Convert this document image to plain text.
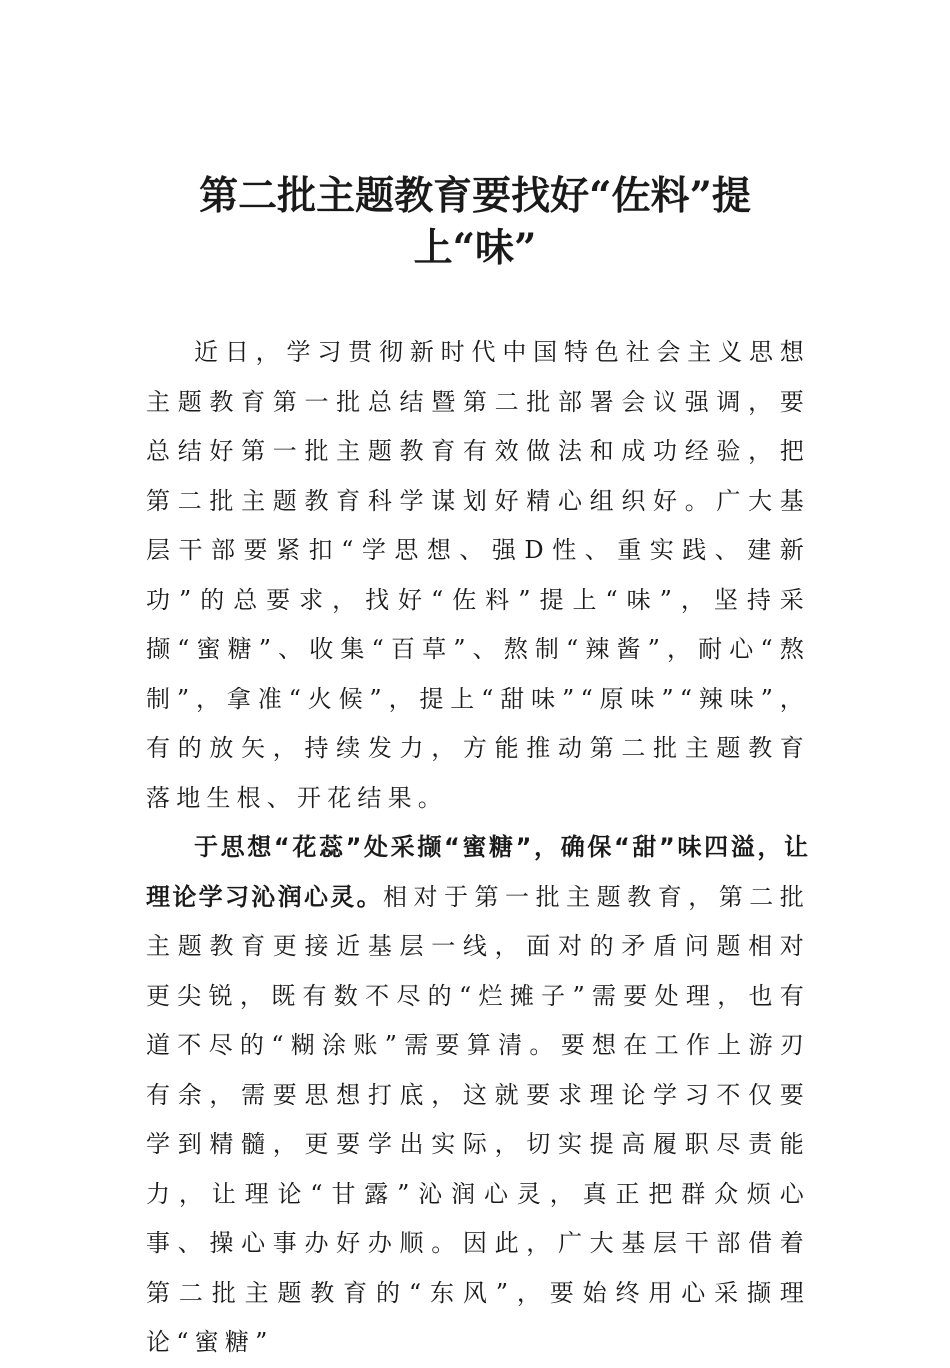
第二批主题教育要找好“佐料”提上“味”

近日，学习贯彻新时代中国特色社会主义思想主题教育第一批总结暨第二批部署会议强调，要总结好第一批主题教育有效做法和成功经验，把第二批主题教育科学谋划好精心组织好。广大基层干部要紧扣“学思想、强D性、重实践、建新功”的总要求，找好“佐料”提上“味”，坚持采撷“蜜糖”、收集“百草”、熬制“辣酱”，耐心“熬制”，拿准“火候”，提上“甜味”“原味”“辣味”，有的放矢，持续发力，方能推动第二批主题教育落地生根、开花结果。

于思想“花蕊”处采撷“蜜糖”，确保“甜”味四溢，让理论学习沁润心灵。相对于第一批主题教育，第二批主题教育更接近基层一线，面对的矛盾问题相对更尖锐，既有数不尽的“烂摊子”需要处理，也有道不尽的“糊涂账”需要算清。要想在工作上游刃有余，需要思想打底，这就要求理论学习不仅要学到精髓，更要学出实际，切实提高履职尽责能力，让理论“甘露”沁润心灵，真正把群众烦心事、操心事办好办顺。因此，广大基层干部借着第二批主题教育的“东风”，要始终用心采撷理论“蜜糖”
